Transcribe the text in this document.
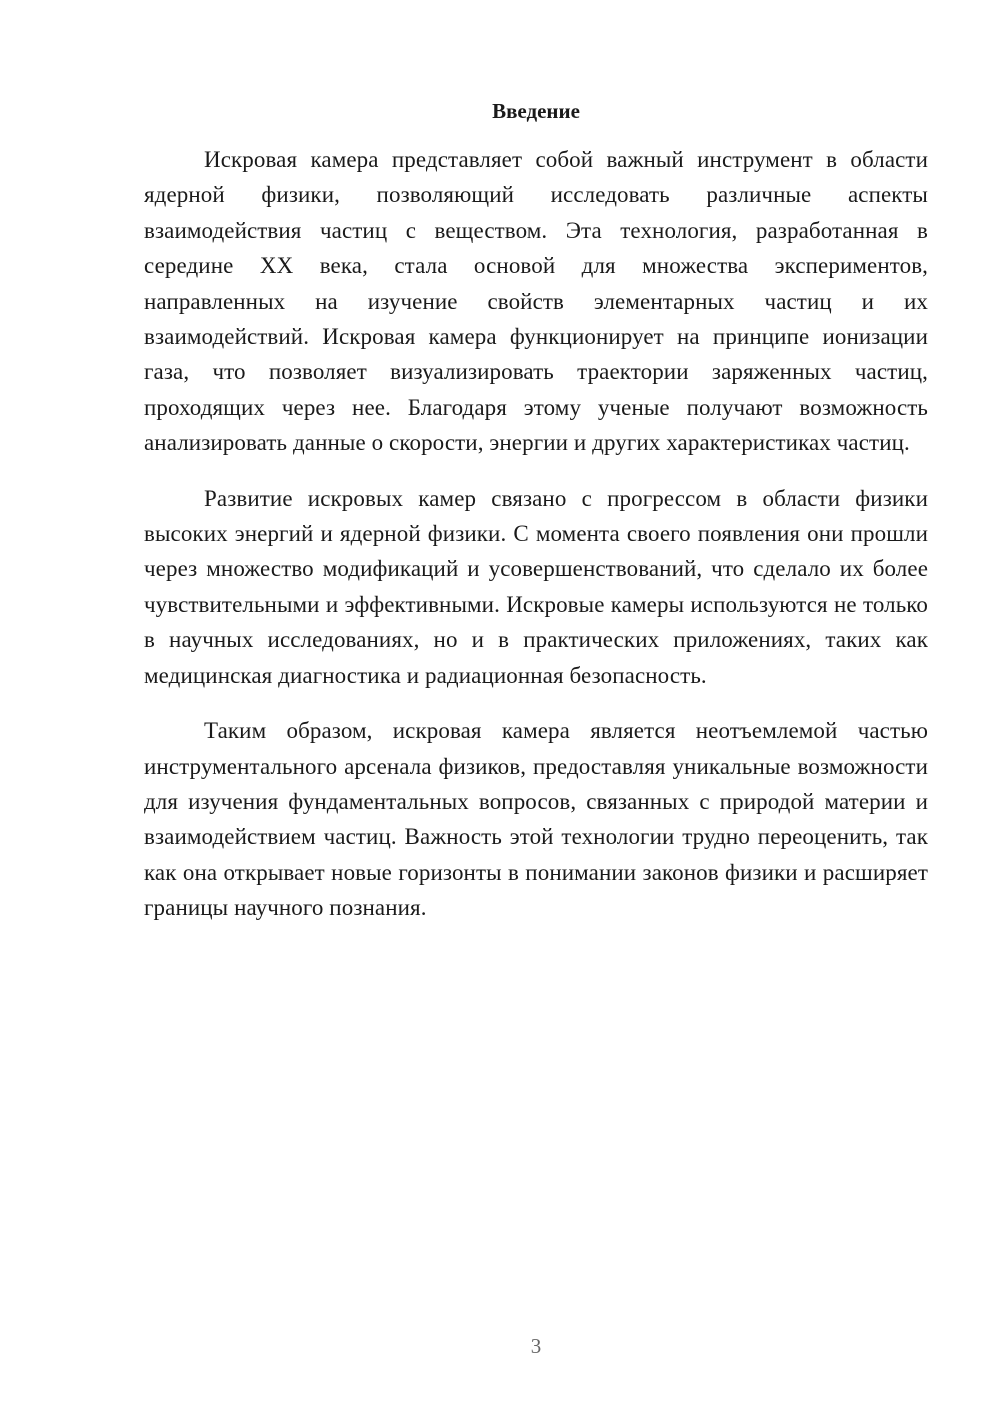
Введение

Искровая камера представляет собой важный инструмент в области ядерной физики, позволяющий исследовать различные аспекты взаимодействия частиц с веществом. Эта технология, разработанная в середине XX века, стала основой для множества экспериментов, направленных на изучение свойств элементарных частиц и их взаимодействий. Искровая камера функционирует на принципе ионизации газа, что позволяет визуализировать траектории заряженных частиц, проходящих через нее. Благодаря этому ученые получают возможность анализировать данные о скорости, энергии и других характеристиках частиц.

Развитие искровых камер связано с прогрессом в области физики высоких энергий и ядерной физики. С момента своего появления они прошли через множество модификаций и усовершенствований, что сделало их более чувствительными и эффективными. Искровые камеры используются не только в научных исследованиях, но и в практических приложениях, таких как медицинская диагностика и радиационная безопасность.

Таким образом, искровая камера является неотъемлемой частью инструментального арсенала физиков, предоставляя уникальные возможности для изучения фундаментальных вопросов, связанных с природой материи и взаимодействием частиц. Важность этой технологии трудно переоценить, так как она открывает новые горизонты в понимании законов физики и расширяет границы научного познания.

3
